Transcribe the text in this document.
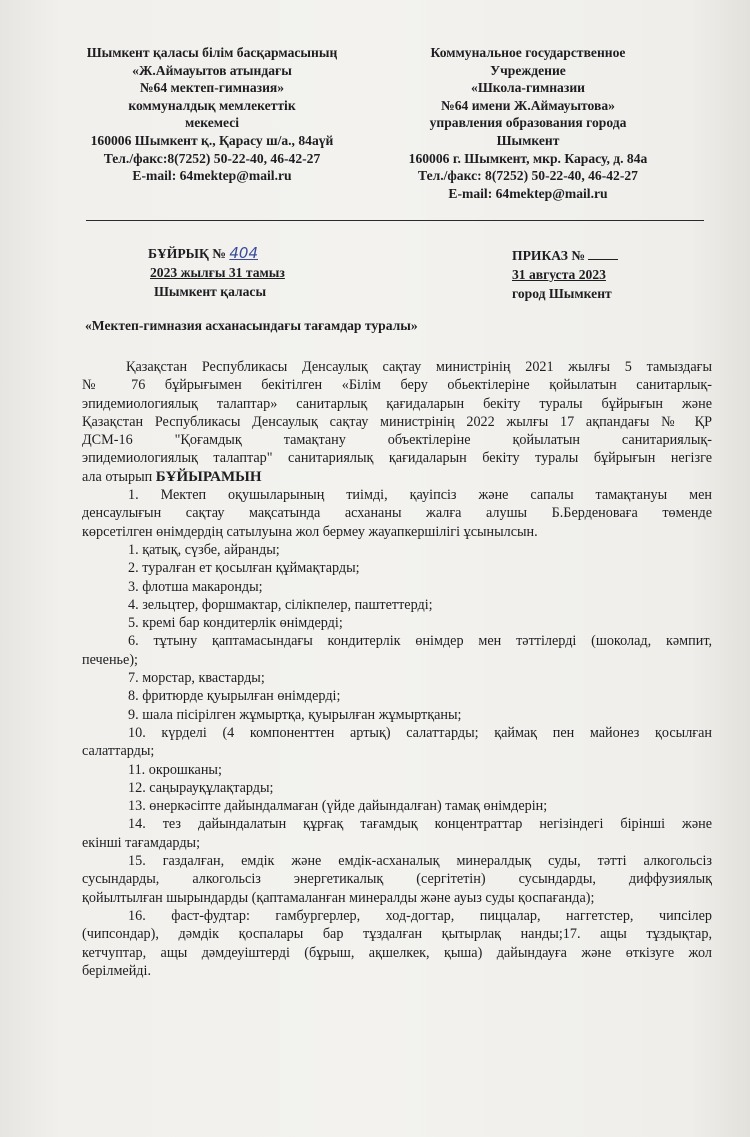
Шымкент қаласы білім басқармасының
«Ж.Аймауытов атындағы
№64 мектеп-гимназия»
коммуналдық мемлекеттік
мекемесі
160006 Шымкент қ., Қарасу ш/а., 84аүй
Тел./факс:8(7252) 50-22-40, 46-42-27
E-mail: 64mektep@mail.ru
Коммунальное государственное
Учреждение
«Школа-гимназии
№64 имени Ж.Аймауытова»
управления образования города
Шымкент
160006 г. Шымкент, мкр. Карасу, д. 84а
Тел./факс: 8(7252) 50-22-40, 46-42-27
E-mail: 64mektep@mail.ru
БҰЙРЫҚ № 404
2023 жылғы 31 тамыз
Шымкент қаласы
ПРИКАЗ №
31 августа 2023
город Шымкент
«Мектеп-гимназия асханасындағы тағамдар туралы»
Қазақстан Республикасы Денсаулық сақтау министрінің 2021 жылғы 5 тамыздағы
№ 76 бұйрығымен бекітілген «Білім беру обьектілеріне қойылатын санитарлық-
эпидемиологиялық талаптар» санитарлық қағидаларын бекіту туралы бұйрығын және
Қазақстан Республикасы Денсаулық сақтау министрінің 2022 жылғы 17 ақпандағы № ҚР
ДСМ-16 "Қоғамдық тамақтану объектілеріне қойылатын санитариялық-
эпидемиологиялық талаптар" санитариялық қағидаларын бекіту туралы бұйрығын негізге
ала отырып БҰЙЫРАМЫН
1. Мектеп оқушыларының тиімді, қауіпсіз және сапалы тамақтануы мен
денсаулығын сақтау мақсатында асхананы жалға алушы Б.Берденоваға төменде
көрсетілген өнімдердің сатылуына жол бермеу жауапкершілігі ұсынылсын.
1. қатық, сүзбе, айранды;
2. туралған ет қосылған құймақтарды;
3. флотша макаронды;
4. зельцтер, форшмактар, сілікпелер, паштеттерді;
5. кремі бар кондитерлік өнімдерді;
6. тұтыну қаптамасындағы кондитерлік өнімдер мен тәттілерді (шоколад, кәмпит,
печенье);
7. морстар, квастарды;
8. фритюрде қуырылған өнімдерді;
9. шала пісірілген жұмыртқа, қуырылған жұмыртқаны;
10. күрделі (4 компоненттен артық) салаттарды; қаймақ пен майонез қосылған
салаттарды;
11. окрошканы;
12. саңырауқұлақтарды;
13. өнеркәсіпте дайындалмаған (үйде дайындалған) тамақ өнімдерін;
14. тез дайындалатын құрғақ тағамдық концентраттар негізіндегі бірінші және
екінші тағамдарды;
15. газдалған, емдік және емдік-асханалық минералдық суды, тәтті алкогольсіз
сусындарды, алкогольсіз энергетикалық (сергітетін) сусындарды, диффузиялық
қойылтылған шырындарды (қаптамаланған минералды және ауыз суды қоспағанда);
16. фаст-фудтар: гамбургерлер, ход-догтар, пиццалар, наггетстер, чипсілер
(чипсондар), дәмдік қоспалары бар тұздалған қытырлақ нанды;17. ащы тұздықтар,
кетчуптар, ащы дәмдеуіштерді (бұрыш, ақшелкек, қыша) дайындауға және өткізуге жол
берілмейді.
